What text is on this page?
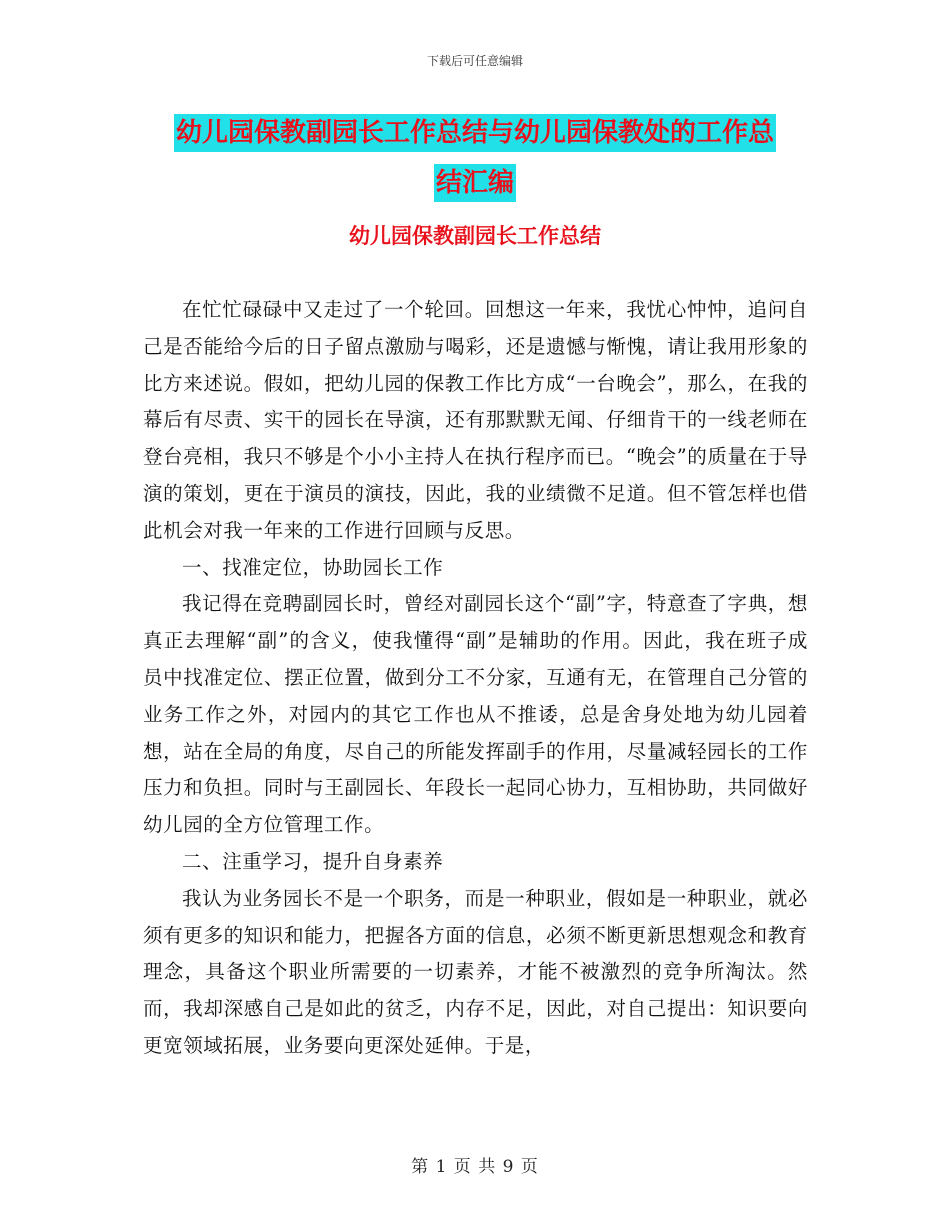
下载后可任意编辑
幼儿园保教副园长工作总结与幼儿园保教处的工作总
结汇编
幼儿园保教副园长工作总结

在忙忙碌碌中又走过了一个轮回。回想这一年来，我忧心忡忡，追问自己是否能给今后的日子留点激励与喝彩，还是遗憾与惭愧，请让我用形象的比方来述说。假如，把幼儿园的保教工作比方成“一台晚会”，那么，在我的幕后有尽责、实干的园长在导演，还有那默默无闻、仔细肯干的一线老师在登台亮相，我只不够是个小小主持人在执行程序而已。“晚会”的质量在于导演的策划，更在于演员的演技，因此，我的业绩微不足道。但不管怎样也借此机会对我一年来的工作进行回顾与反思。

一、找准定位，协助园长工作

我记得在竞聘副园长时，曾经对副园长这个“副”字，特意查了字典，想真正去理解“副”的含义，使我懂得“副”是辅助的作用。因此，我在班子成员中找准定位、摆正位置，做到分工不分家，互通有无，在管理自己分管的业务工作之外，对园内的其它工作也从不推诿，总是舍身处地为幼儿园着想，站在全局的角度，尽自己的所能发挥副手的作用，尽量减轻园长的工作压力和负担。同时与王副园长、年段长一起同心协力，互相协助，共同做好幼儿园的全方位管理工作。

二、注重学习，提升自身素养

我认为业务园长不是一个职务，而是一种职业，假如是一种职业，就必须有更多的知识和能力，把握各方面的信息，必须不断更新思想观念和教育理念，具备这个职业所需要的一切素养，才能不被激烈的竞争所淘汰。然而，我却深感自己是如此的贫乏，内存不足，因此，对自己提出：知识要向更宽领域拓展，业务要向更深处延伸。于是，

第 1 页 共 9 页
